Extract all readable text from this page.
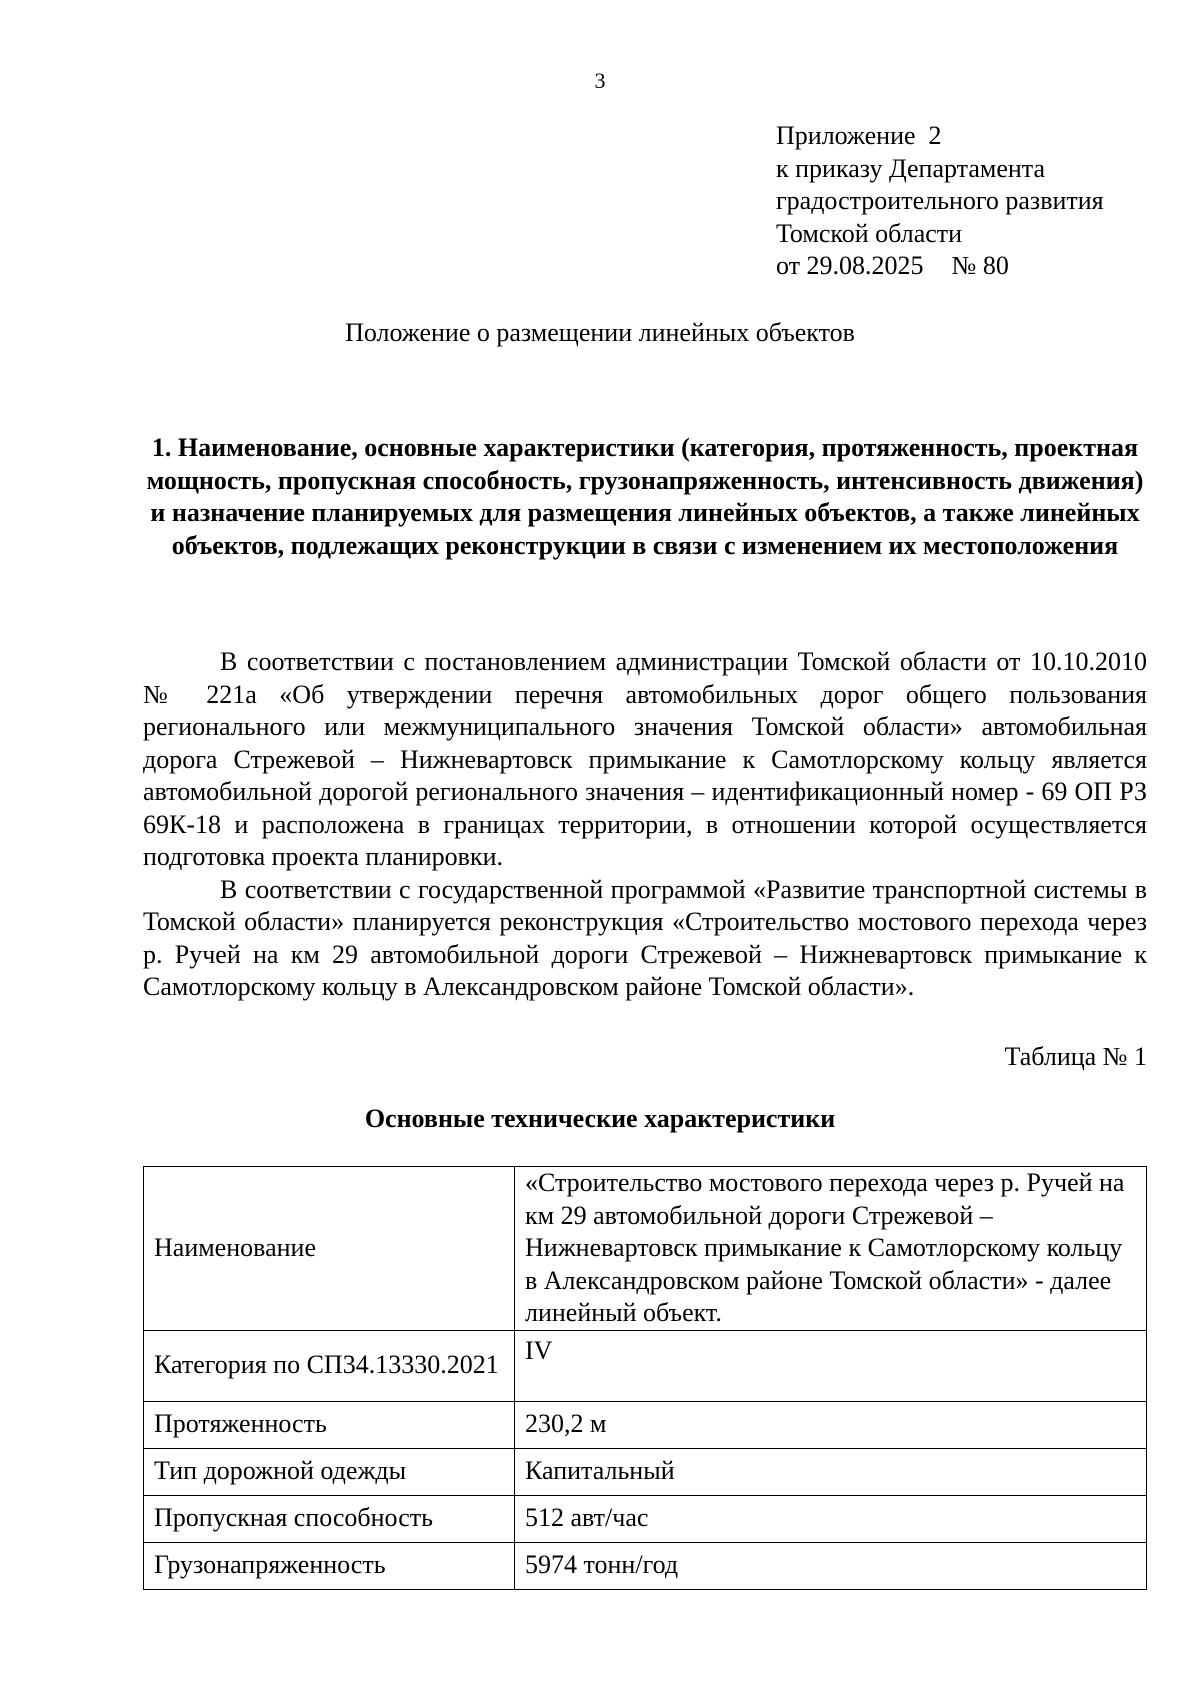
3
Приложение  2
к приказу Департамента
градостроительного развития
Томской области
от 29.08.2025 № 80
Положение о размещении линейных объектов
1. Наименование, основные характеристики (категория, протяженность, проектная мощность, пропускная способность, грузонапряженность, интенсивность движения) и назначение планируемых для размещения линейных объектов, а также линейных объектов, подлежащих реконструкции в связи с изменением их местоположения

В соответствии с постановлением администрации Томской области от 10.10.2010 № 221а «Об утверждении перечня автомобильных дорог общего пользования регионального или межмуниципального значения Томской области» автомобильная дорога Стрежевой – Нижневартовск примыкание к Самотлорскому кольцу является автомобильной дорогой регионального значения – идентификационный номер - 69 ОП РЗ 69К-18 и расположена в границах территории, в отношении которой осуществляется подготовка проекта планировки.

В соответствии с государственной программой «Развитие транспортной системы в Томской области» планируется реконструкция «Строительство мостового перехода через р. Ручей на км 29 автомобильной дороги Стрежевой – Нижневартовск примыкание к Самотлорскому кольцу в Александровском районе Томской области».

Таблица № 1
Основные технические характеристики
Наименование	«Строительство мостового перехода через р. Ручей на км 29 автомобильной дороги Стрежевой – Нижневартовск примыкание к Самотлорскому кольцу в Александровском районе Томской области» - далее линейный объект.
Категория по СП34.13330.2021	IV
Протяженность	230,2 м
Тип дорожной одежды	Капитальный
Пропускная способность	512 авт/час
Грузонапряженность	5974 тонн/год
